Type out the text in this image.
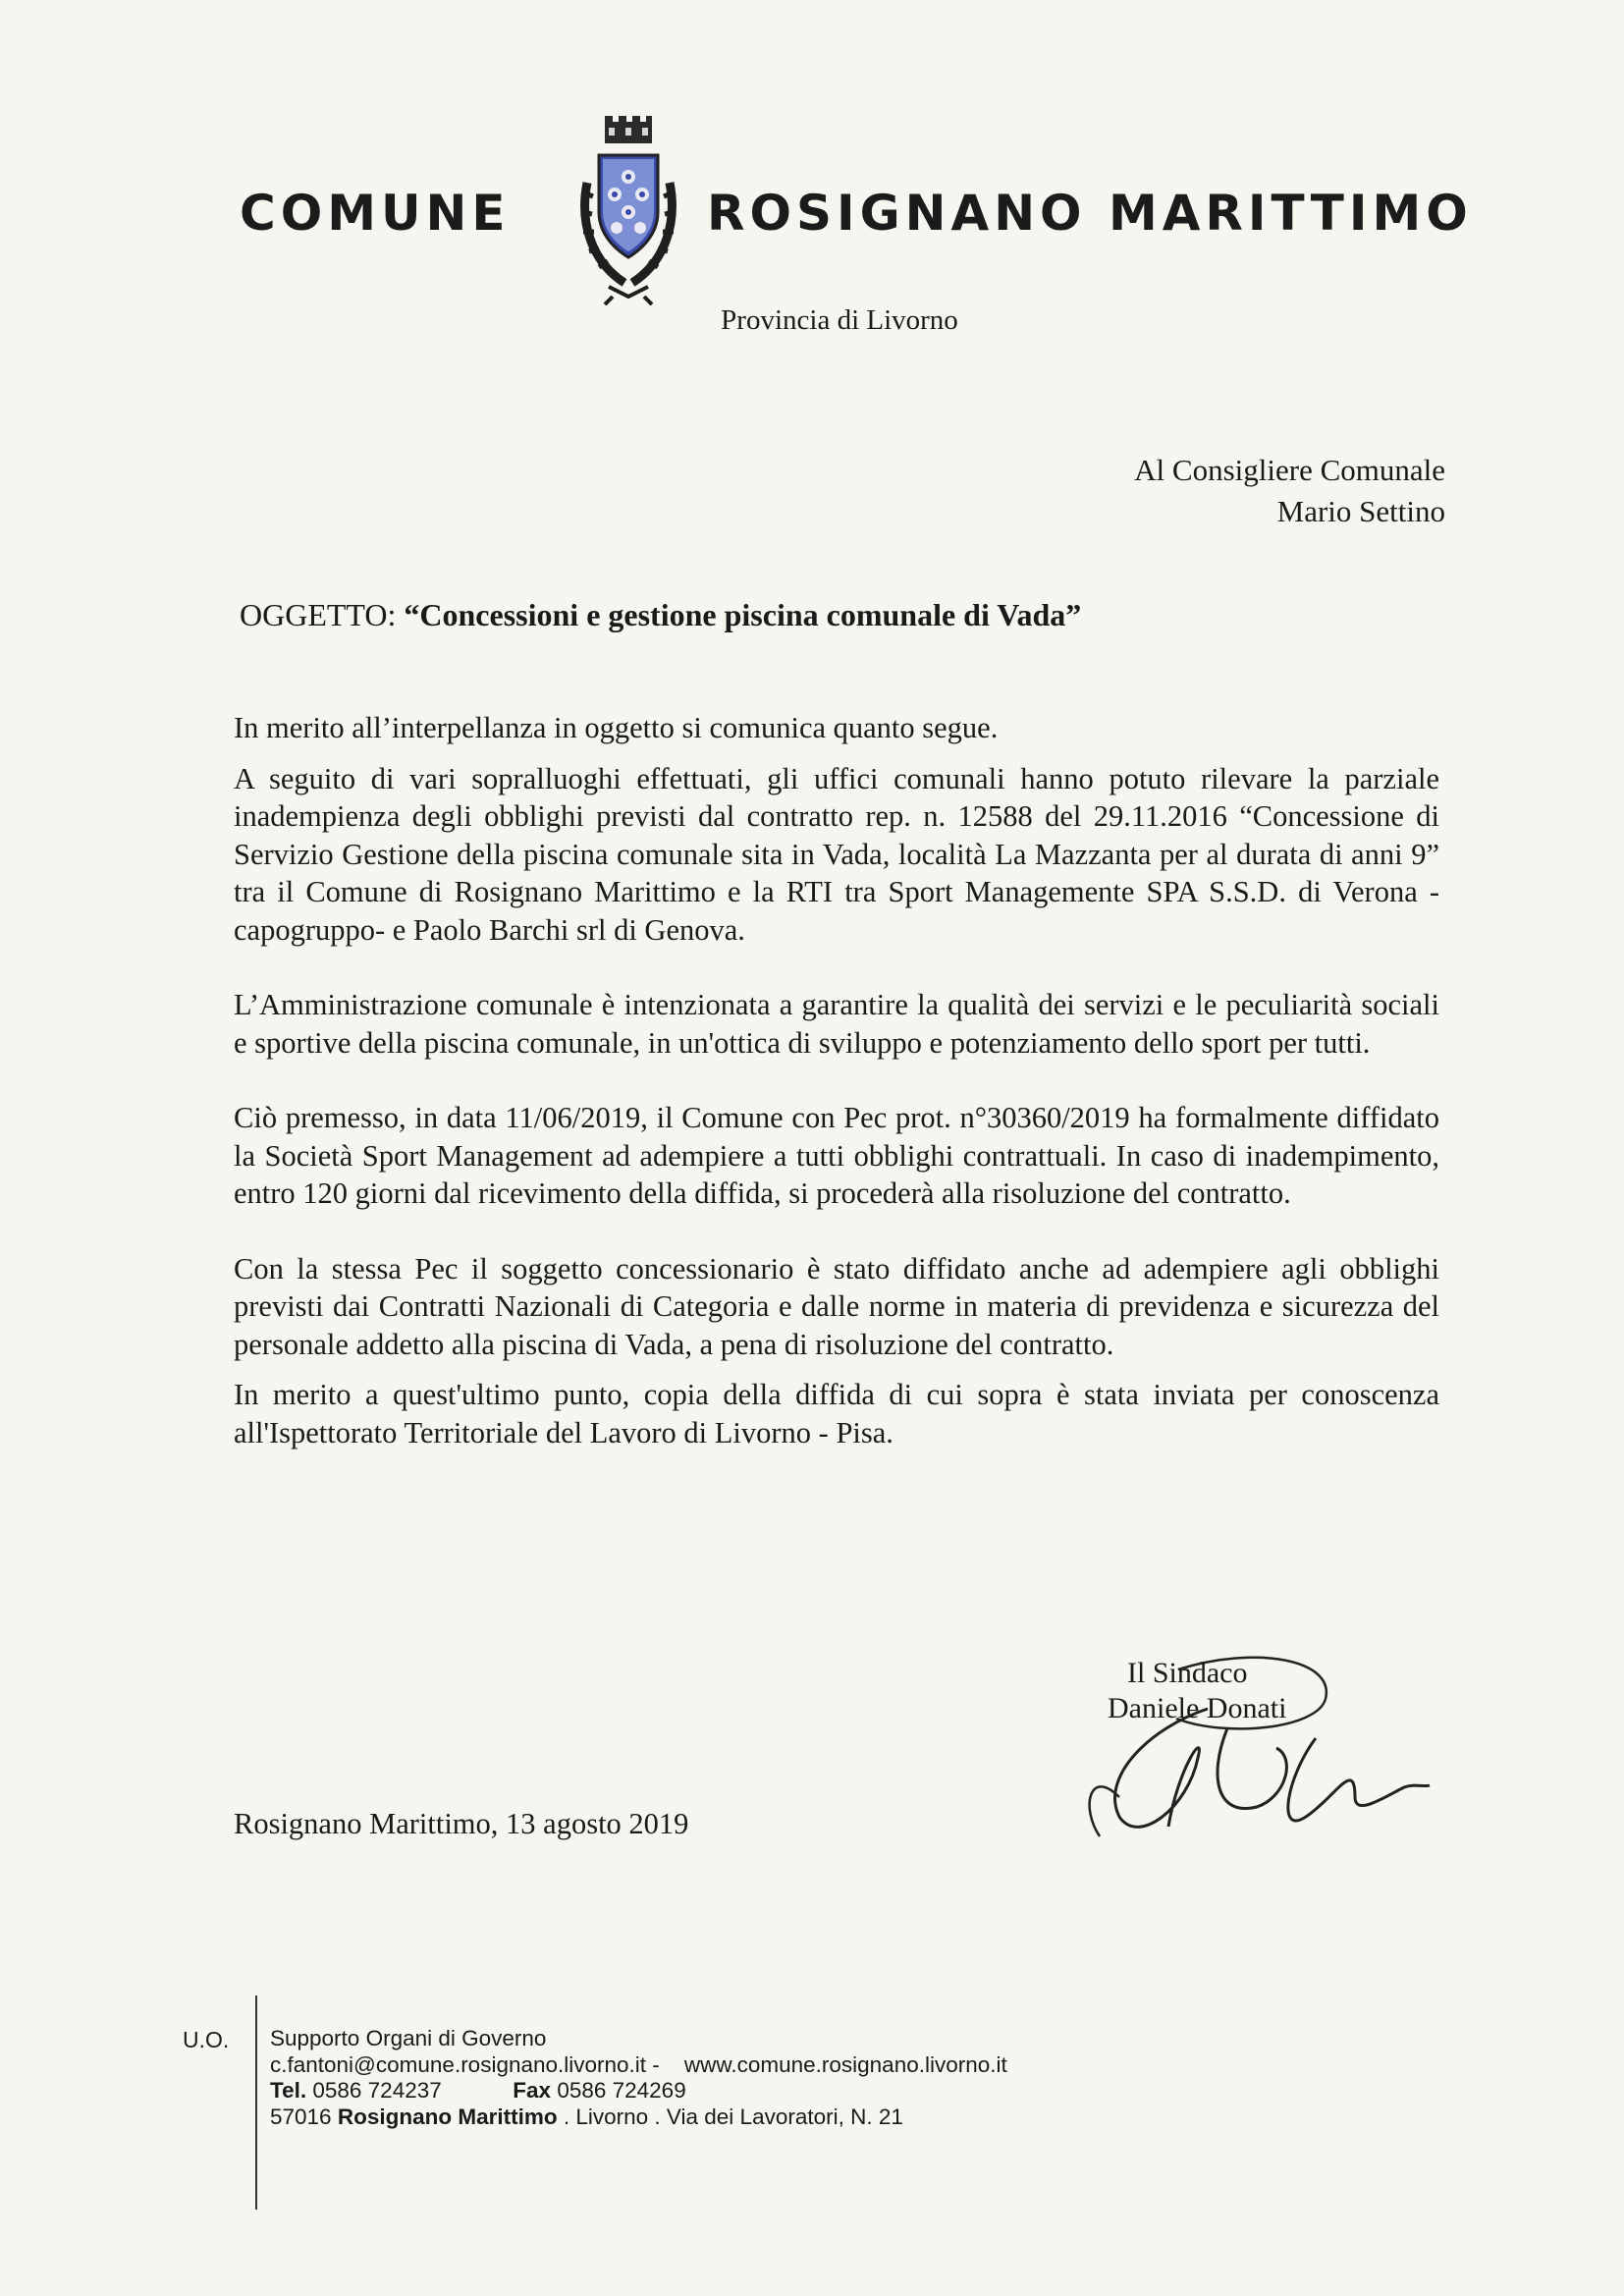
COMUNE	ROSIGNANO MARITTIMO
Provincia di Livorno
Al Consigliere Comunale
Mario Settino
OGGETTO: “Concessioni e gestione piscina comunale di Vada”

In merito all’interpellanza in oggetto si comunica quanto segue.

A seguito di vari sopralluoghi effettuati, gli uffici comunali hanno potuto rilevare la parziale inadempienza degli obblighi previsti dal contratto rep. n. 12588 del 29.11.2016 “Concessione di Servizio Gestione della piscina comunale sita in Vada, località La Mazzanta per al durata di anni 9” tra il Comune di Rosignano Marittimo e la RTI tra Sport Managemente SPA S.S.D. di Verona -capogruppo- e Paolo Barchi srl di Genova.

L’Amministrazione comunale è intenzionata a garantire la qualità dei servizi e le peculiarità sociali e sportive della piscina comunale, in un'ottica di sviluppo e potenziamento dello sport per tutti.

Ciò premesso, in data 11/06/2019, il Comune con Pec prot. n°30360/2019 ha formalmente diffidato la Società Sport Management ad adempiere a tutti obblighi contrattuali. In caso di inadempimento, entro 120 giorni dal ricevimento della diffida, si procederà alla risoluzione del contratto.

Con la stessa Pec il soggetto concessionario è stato diffidato anche ad adempiere agli obblighi previsti dai Contratti Nazionali di Categoria e dalle norme in materia di previdenza e sicurezza del personale addetto alla piscina di Vada, a pena di risoluzione del contratto.

In merito a quest'ultimo punto, copia della diffida di cui sopra è stata inviata per conoscenza all'Ispettorato Territoriale del Lavoro di Livorno - Pisa.

Il Sindaco
Daniele Donati
Rosignano Marittimo, 13 agosto 2019
U.O. Supporto Organi di Governo
c.fantoni@comune.rosignano.livorno.it - www.comune.rosignano.livorno.it
Tel. 0586 724237	Fax 0586 724269
57016 Rosignano Marittimo . Livorno . Via dei Lavoratori, N. 21
